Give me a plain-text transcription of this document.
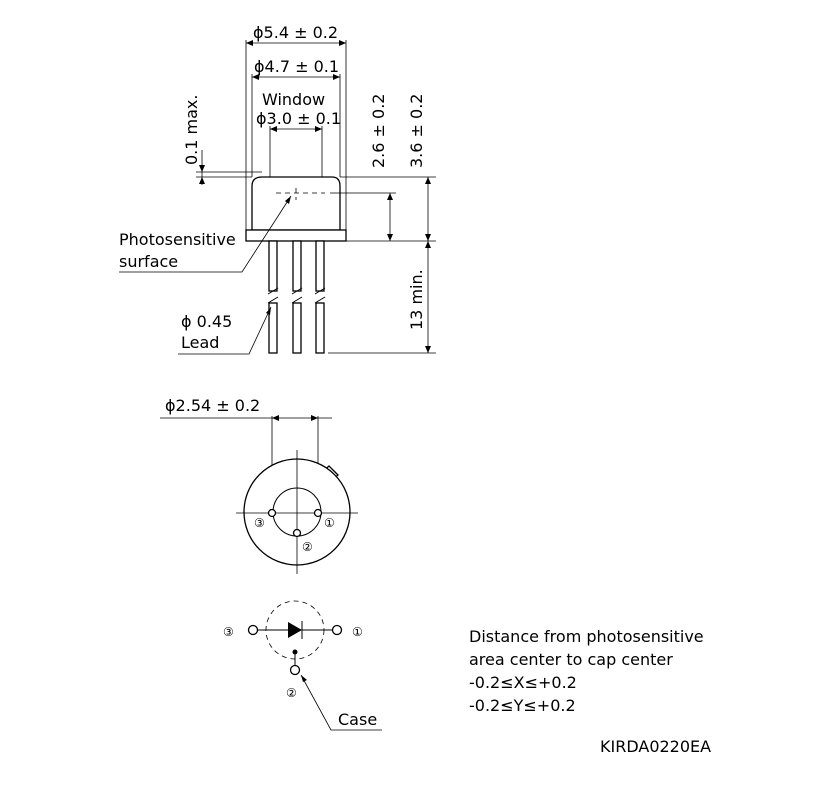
ϕ5.4 ± 0.2
ϕ4.7 ± 0.1
Window
ϕ3.0 ± 0.1
0.1 max.	2.6 ± 0.2 3.6 ± 0.2
13 min.
Photosensitive
surface
ϕ 0.45
Lead
ϕ2.54 ± 0.2
③	①
②
③	①
②
Case
Distance from photosensitive
area center to cap center
-0.2≤X≤+0.2
-0.2≤Y≤+0.2
KIRDA0220EA
